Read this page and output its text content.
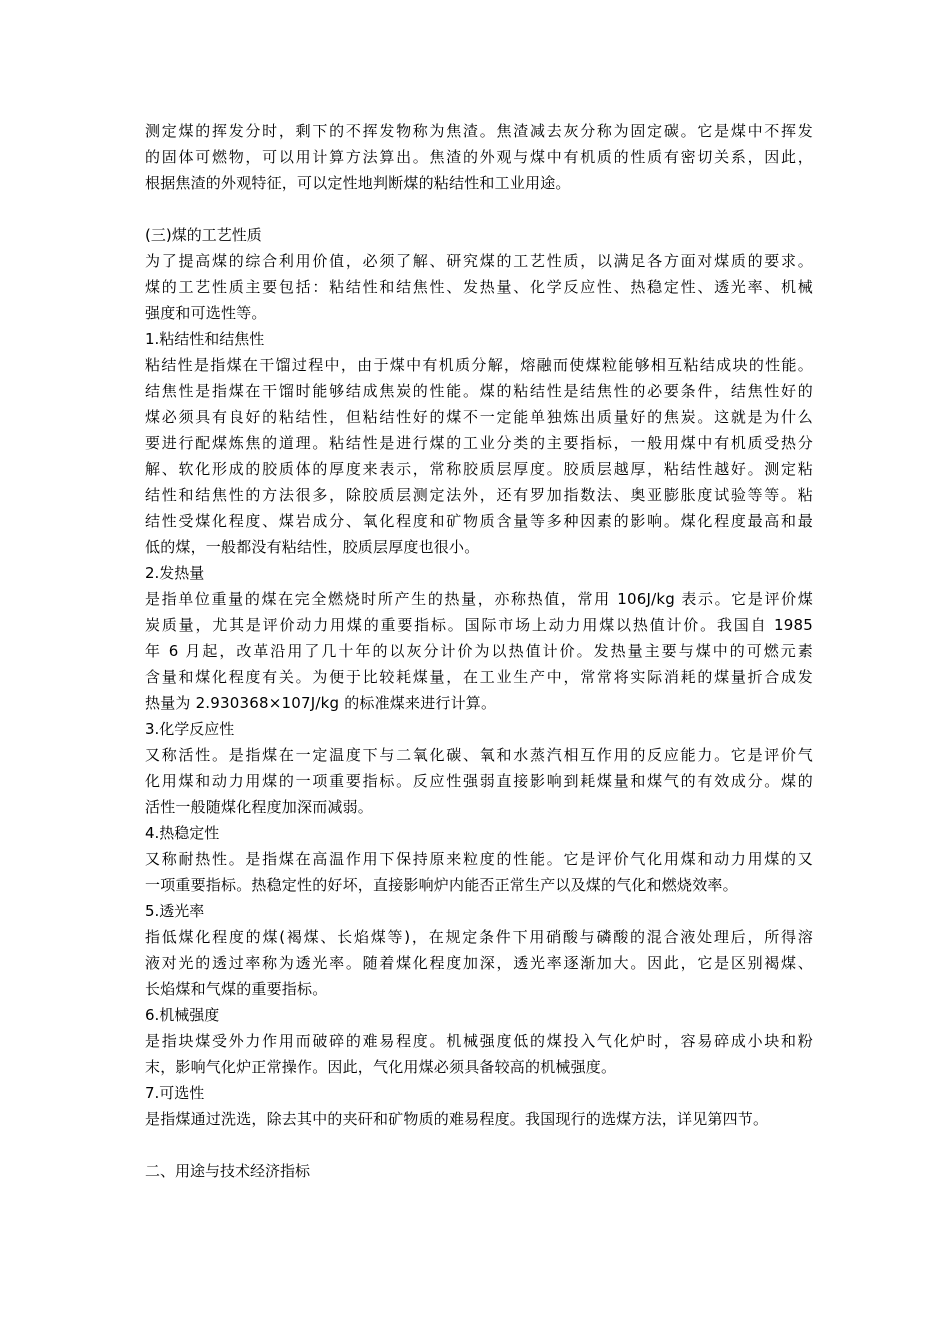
测定煤的挥发分时，剩下的不挥发物称为焦渣。焦渣减去灰分称为固定碳。它是煤中不挥发
的固体可燃物，可以用计算方法算出。焦渣的外观与煤中有机质的性质有密切关系，因此，
根据焦渣的外观特征，可以定性地判断煤的粘结性和工业用途。
(三)煤的工艺性质
为了提高煤的综合利用价值，必须了解、研究煤的工艺性质，以满足各方面对煤质的要求。
煤的工艺性质主要包括：粘结性和结焦性、发热量、化学反应性、热稳定性、透光率、机械
强度和可选性等。
1.粘结性和结焦性
粘结性是指煤在干馏过程中，由于煤中有机质分解，熔融而使煤粒能够相互粘结成块的性能。
结焦性是指煤在干馏时能够结成焦炭的性能。煤的粘结性是结焦性的必要条件，结焦性好的
煤必须具有良好的粘结性，但粘结性好的煤不一定能单独炼出质量好的焦炭。这就是为什么
要进行配煤炼焦的道理。粘结性是进行煤的工业分类的主要指标，一般用煤中有机质受热分
解、软化形成的胶质体的厚度来表示，常称胶质层厚度。胶质层越厚，粘结性越好。测定粘
结性和结焦性的方法很多，除胶质层测定法外，还有罗加指数法、奥亚膨胀度试验等等。粘
结性受煤化程度、煤岩成分、氧化程度和矿物质含量等多种因素的影响。煤化程度最高和最
低的煤，一般都没有粘结性，胶质层厚度也很小。
2.发热量
是指单位重量的煤在完全燃烧时所产生的热量，亦称热值，常用 106J/kg 表示。它是评价煤
炭质量，尤其是评价动力用煤的重要指标。国际市场上动力用煤以热值计价。我国自 1985
年 6 月起，改革沿用了几十年的以灰分计价为以热值计价。发热量主要与煤中的可燃元素
含量和煤化程度有关。为便于比较耗煤量，在工业生产中，常常将实际消耗的煤量折合成发
热量为 2.930368×107J/kg 的标准煤来进行计算。
3.化学反应性
又称活性。是指煤在一定温度下与二氧化碳、氧和水蒸汽相互作用的反应能力。它是评价气
化用煤和动力用煤的一项重要指标。反应性强弱直接影响到耗煤量和煤气的有效成分。煤的
活性一般随煤化程度加深而减弱。
4.热稳定性
又称耐热性。是指煤在高温作用下保持原来粒度的性能。它是评价气化用煤和动力用煤的又
一项重要指标。热稳定性的好坏，直接影响炉内能否正常生产以及煤的气化和燃烧效率。
5.透光率
指低煤化程度的煤(褐煤、长焰煤等)，在规定条件下用硝酸与磷酸的混合液处理后，所得溶
液对光的透过率称为透光率。随着煤化程度加深，透光率逐渐加大。因此，它是区别褐煤、
长焰煤和气煤的重要指标。
6.机械强度
是指块煤受外力作用而破碎的难易程度。机械强度低的煤投入气化炉时，容易碎成小块和粉
末，影响气化炉正常操作。因此，气化用煤必须具备较高的机械强度。
7.可选性
是指煤通过洗选，除去其中的夹矸和矿物质的难易程度。我国现行的选煤方法，详见第四节。
二、用途与技术经济指标
